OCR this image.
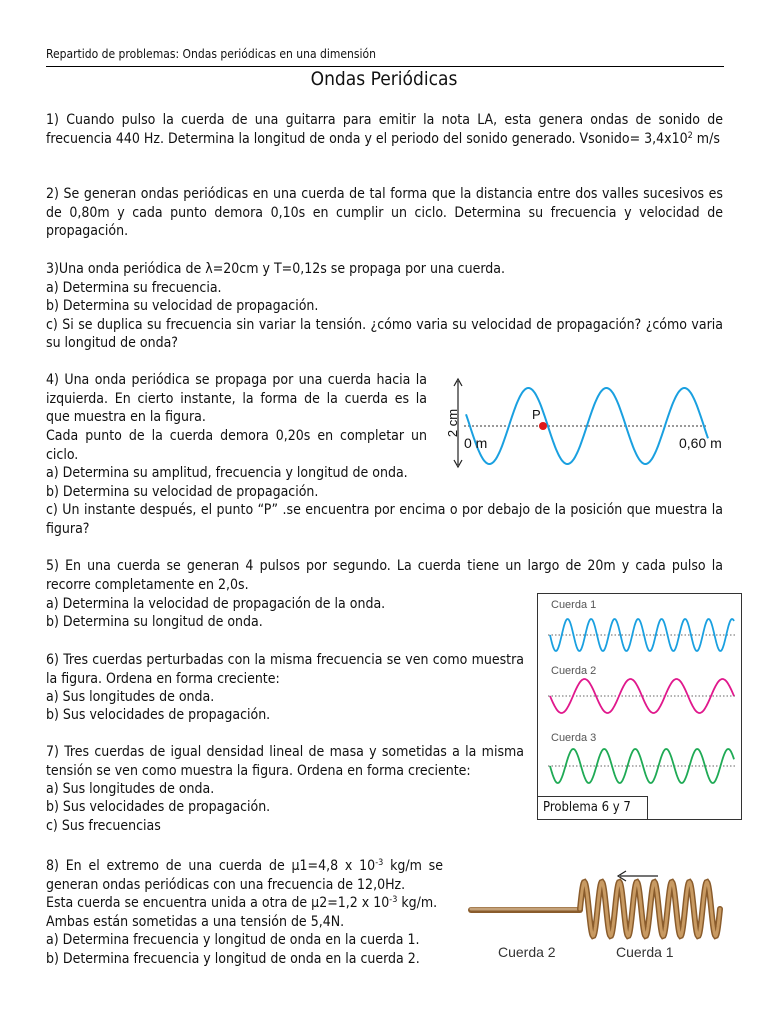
Repartido de problemas: Ondas periódicas en una dimensión
Ondas Periódicas
1) Cuando pulso la cuerda de una guitarra para emitir la nota LA, esta genera ondas de sonido de frecuencia 440 Hz. Determina la longitud de onda y el periodo del sonido generado. Vsonido= $3,4x10^2$ m/s
2) Se generan ondas periódicas en una cuerda de tal forma que la distancia entre dos valles sucesivos es de 0,80m y cada punto demora 0,10s en cumplir un ciclo. Determina su frecuencia y velocidad de propagación.
3)Una onda periódica de λ=20cm y T=0,12s se propaga por una cuerda.
a) Determina su frecuencia.
b) Determina su velocidad de propagación.
c) Si se duplica su frecuencia sin variar la tensión. ¿cómo varia su velocidad de propagación? ¿cómo varia su longitud de onda?
4) Una onda periódica se propaga por una cuerda hacia la izquierda. En cierto instante, la forma de la cuerda es la que muestra en la figura.
Cada punto de la cuerda demora 0,20s en completar un ciclo.
a) Determina su amplitud, frecuencia y longitud de onda.
b) Determina su velocidad de propagación.
c) Un instante después, el punto “P” .se encuentra por encima o por debajo de la posición que muestra la figura?
2 cm	P
0 m	0,60 m
5) En una cuerda se generan 4 pulsos por segundo. La cuerda tiene un largo de 20m y cada pulso la recorre completamente en 2,0s.
a) Determina la velocidad de propagación de la onda.
b) Determina su longitud de onda.
6) Tres cuerdas perturbadas con la misma frecuencia se ven como muestra la figura. Ordena en forma creciente:
a) Sus longitudes de onda.
b) Sus velocidades de propagación.
7) Tres cuerdas de igual densidad lineal de masa y sometidas a la misma tensión se ven como muestra la figura. Ordena en forma creciente:
a) Sus longitudes de onda.
b) Sus velocidades de propagación.
c) Sus frecuencias
Cuerda 1
Cuerda 2
Cuerda 3
Problema 6 y 7
8) En el extremo de una cuerda de µ1=4,8 x $10^{-3}$ kg/m se
generan ondas periódicas con una frecuencia de 12,0Hz.
Esta cuerda se encuentra unida a otra de µ2=1,2 x $10^{-3}$ kg/m.
Ambas están sometidas a una tensión de 5,4N.
a) Determina frecuencia y longitud de onda en la cuerda 1.
b) Determina frecuencia y longitud de onda en la cuerda 2.	Cuerda 2	Cuerda 1
